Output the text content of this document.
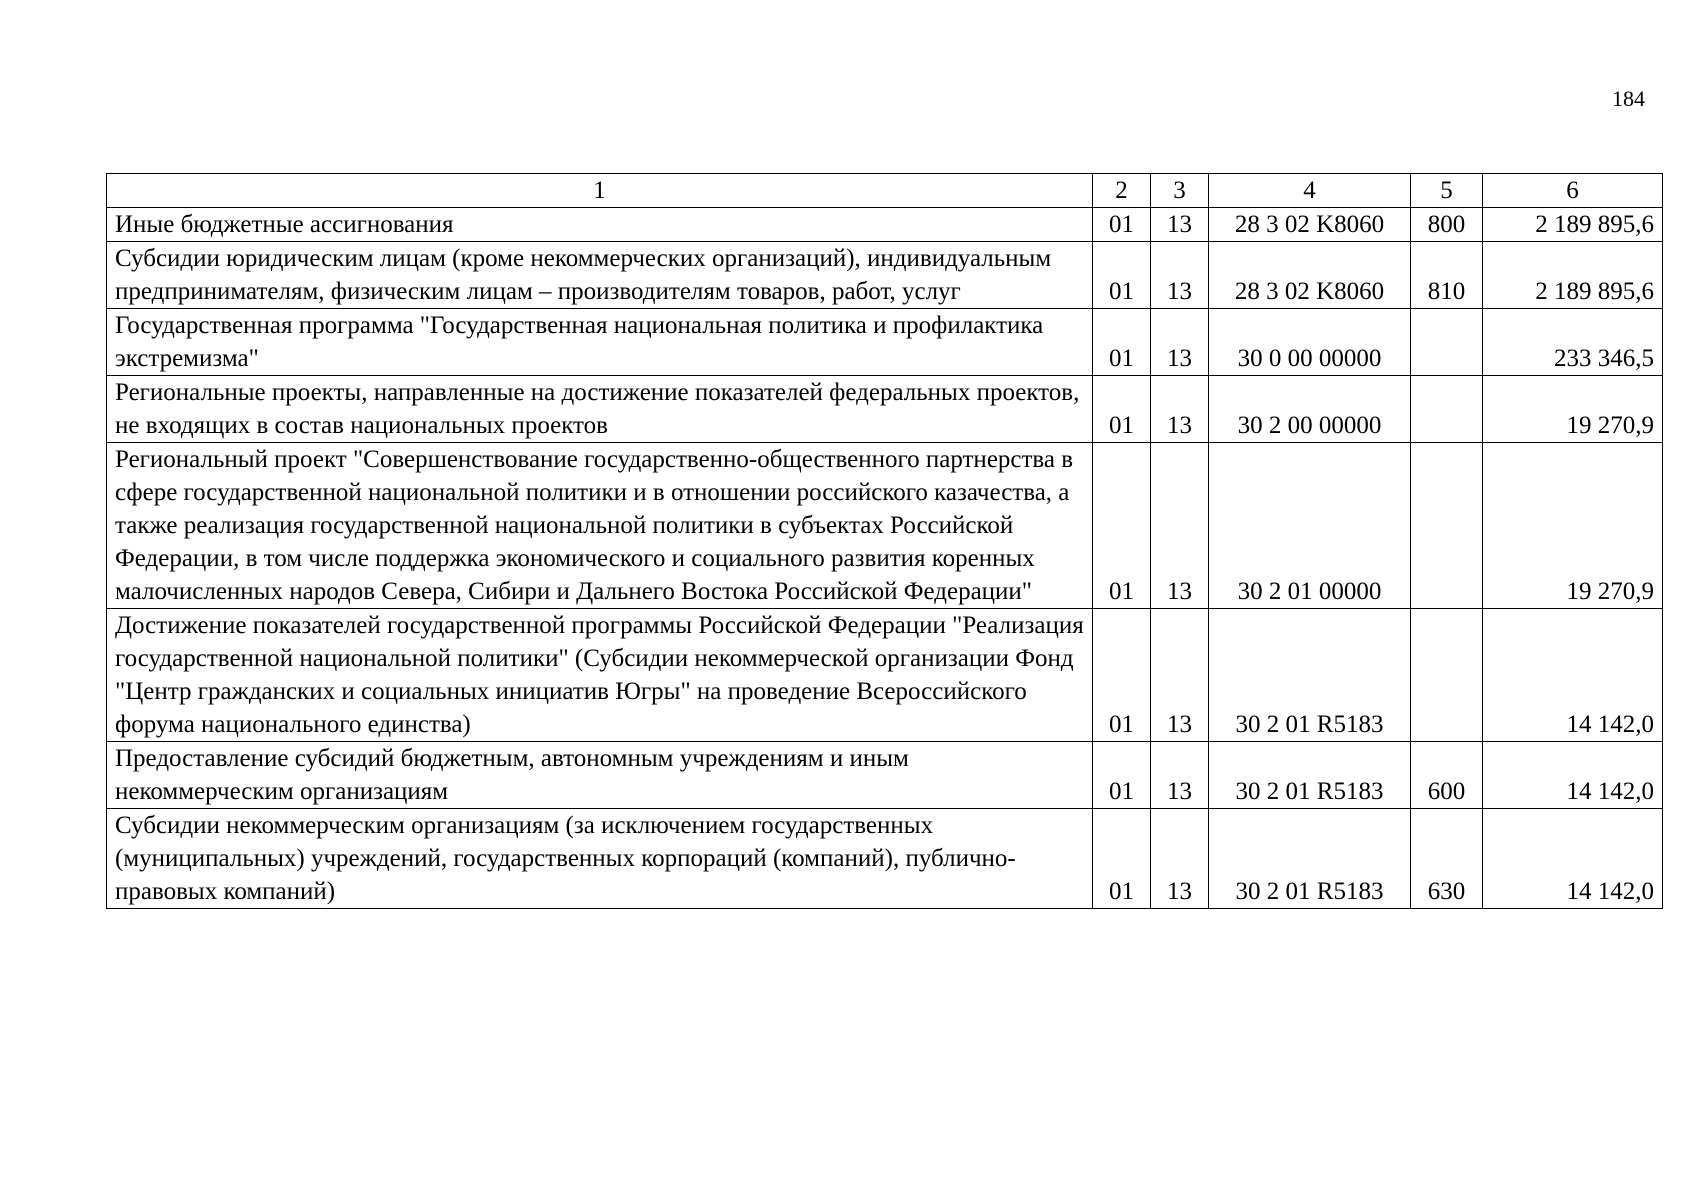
184
1	2	3	4	5	6
Иные бюджетные ассигнования	01	13	28 3 02 K8060	800	2 189 895,6
Субсидии юридическим лицам (кроме некоммерческих организаций), индивидуальным предпринимателям, физическим лицам – производителям товаров, работ, услуг	01	13	28 3 02 K8060	810	2 189 895,6
Государственная программа "Государственная национальная политика и профилактика экстремизма"	01	13	30 0 00 00000		233 346,5
Региональные проекты, направленные на достижение показателей федеральных проектов, не входящих в состав национальных проектов	01	13	30 2 00 00000		19 270,9
Региональный проект "Совершенствование государственно-общественного партнерства в сфере государственной национальной политики и в отношении российского казачества, а также реализация государственной национальной политики в субъектах Российской Федерации, в том числе поддержка экономического и социального развития коренных малочисленных народов Севера, Сибири и Дальнего Востока Российской Федерации"	01	13	30 2 01 00000		19 270,9
Достижение показателей государственной программы Российской Федерации "Реализация государственной национальной политики" (Субсидии некоммерческой организации Фонд "Центр гражданских и социальных инициатив Югры" на проведение Всероссийского форума национального единства)	01	13	30 2 01 R5183		14 142,0
Предоставление субсидий бюджетным, автономным учреждениям и иным некоммерческим организациям	01	13	30 2 01 R5183	600	14 142,0
Субсидии некоммерческим организациям (за исключением государственных (муниципальных) учреждений, государственных корпораций (компаний), публично-правовых компаний)	01	13	30 2 01 R5183	630	14 142,0
